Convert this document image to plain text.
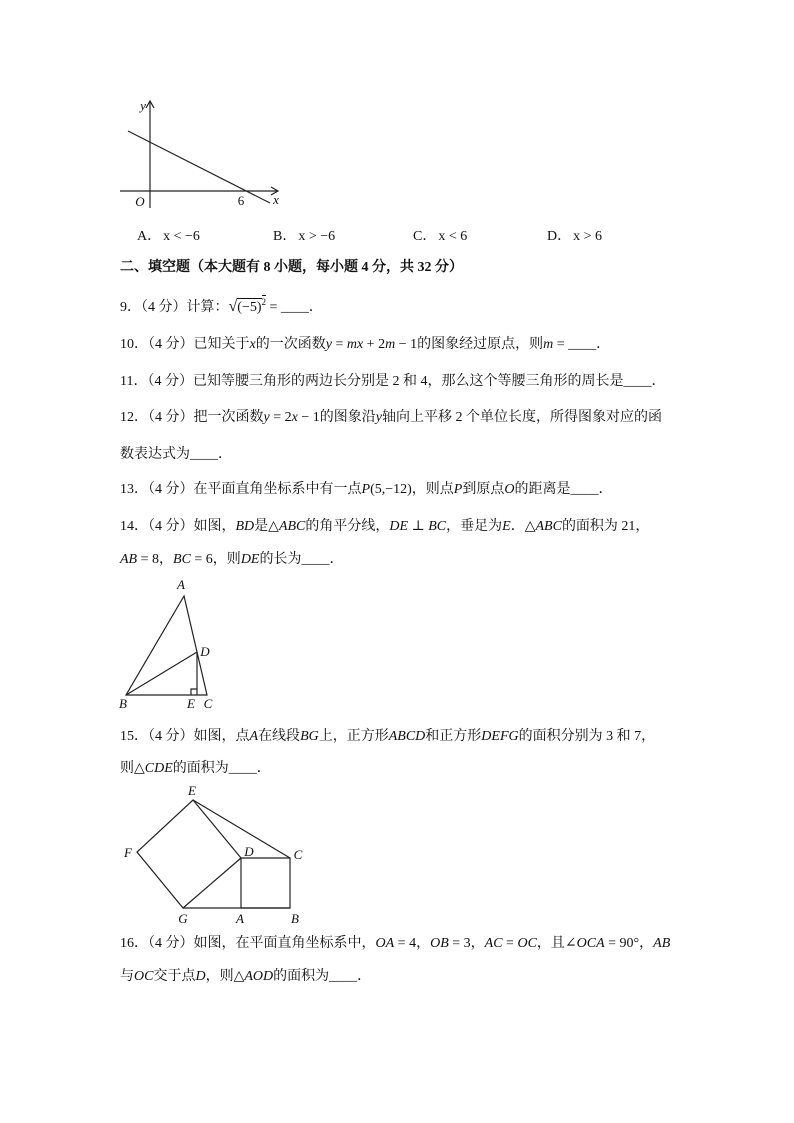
y
x
O	6
A． x < −6	B． x > −6	C． x < 6	D． x > 6
二、填空题（本大题有 8 小题，每小题 4 分，共 32 分）
9．（4 分）计算：$√(-5)^2$ = ____．
10．（4 分）已知关于x的一次函数y = mx + 2m − 1的图象经过原点，则m = ____．
11．（4 分）已知等腰三角形的两边长分别是 2 和 4，那么这个等腰三角形的周长是____．
12．（4 分）把一次函数y = 2x − 1的图象沿y轴向上平移 2 个单位长度，所得图象对应的函
数表达式为____．
13．（4 分）在平面直角坐标系中有一点P(5,−12)，则点P到原点O的距离是____．
14．（4 分）如图，BD是△ABC的角平分线，DE ⊥ BC，垂足为E．△ABC的面积为 21，
AB = 8，BC = 6，则DE的长为____．
A
B	E C
D
15．（4 分）如图，点A在线段BG上，正方形ABCD和正方形DEFG的面积分别为 3 和 7，
则△CDE的面积为____．
E
F	D	C
G	A	B
16．（4 分）如图，在平面直角坐标系中，OA = 4，OB = 3，AC = OC，且∠OCA = 90°，AB
与OC交于点D，则△AOD的面积为____．
